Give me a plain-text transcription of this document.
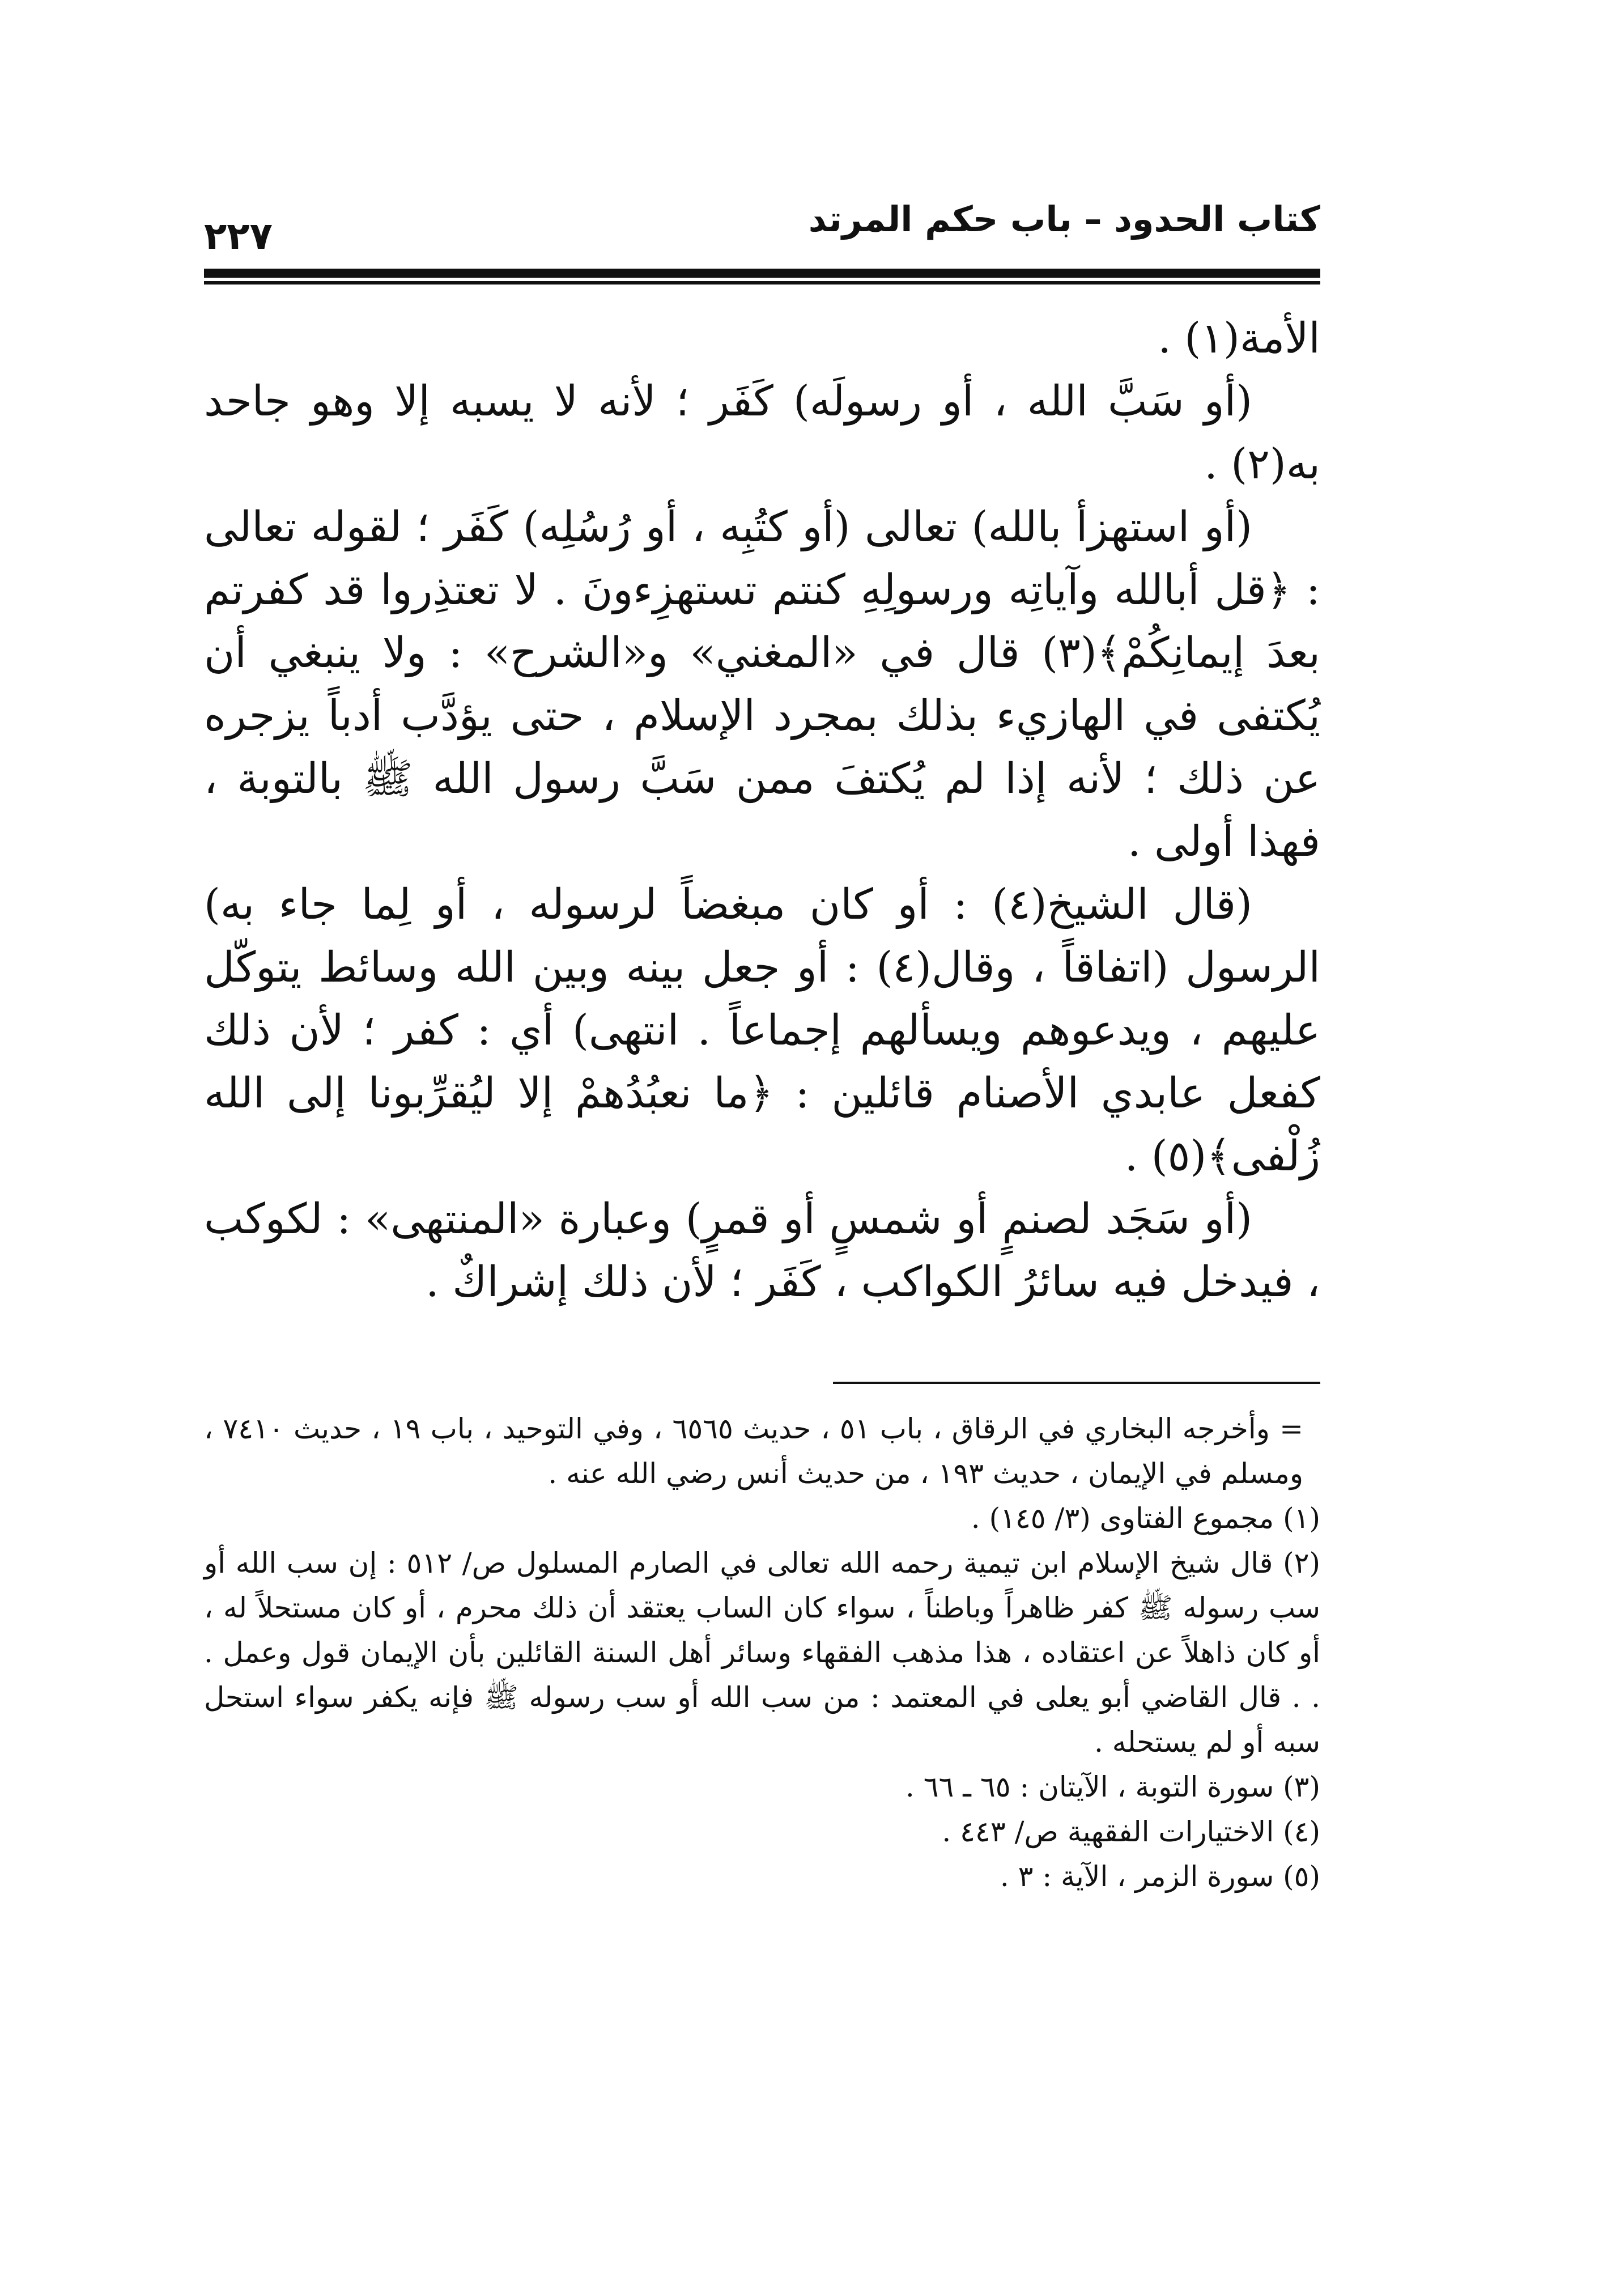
كتاب الحدود – باب حكم المرتد
٢٢٧

الأمة(١) .

(أو سَبَّ الله ، أو رسولَه) كَفَر ؛ لأنه لا يسبه إلا وهو جاحد به(٢) .

(أو استهزأ بالله) تعالى (أو كتُبِه ، أو رُسُلِه) كَفَر ؛ لقوله تعالى : ﴿قل أبالله وآياتِه ورسولِهِ كنتم تستهزِءونَ . لا تعتذِروا قد كفرتم بعدَ إيمانِكُمْ﴾(٣) قال في «المغني» و«الشرح» : ولا ينبغي أن يُكتفى في الهازيء بذلك بمجرد الإسلام ، حتى يؤدَّب أدباً يزجره عن ذلك ؛ لأنه إذا لم يُكتفَ ممن سَبَّ رسول الله ﷺ بالتوبة ، فهذا أولى .

(قال الشيخ(٤) : أو كان مبغضاً لرسوله ، أو لِما جاء به) الرسول (اتفاقاً ، وقال(٤) : أو جعل بينه وبين الله وسائط يتوكّل عليهم ، ويدعوهم ويسألهم إجماعاً . انتهى) أي : كفر ؛ لأن ذلك كفعل عابدي الأصنام قائلين : ﴿ما نعبُدُهمْ إلا ليُقرِّبونا إلى الله زُلْفى﴾(٥) .

(أو سَجَد لصنمٍ أو شمسٍ أو قمرٍ) وعبارة «المنتهى» : لكوكب ، فيدخل فيه سائرُ الكواكب ، كَفَر ؛ لأن ذلك إشراكٌ .

= وأخرجه البخاري في الرقاق ، باب ٥١ ، حديث ٦٥٦٥ ، وفي التوحيد ، باب ١٩ ، حديث ٧٤١٠ ، ومسلم في الإيمان ، حديث ١٩٣ ، من حديث أنس رضي الله عنه .

(١) مجموع الفتاوى (٣/ ١٤٥) .

(٢) قال شيخ الإسلام ابن تيمية رحمه الله تعالى في الصارم المسلول ص/ ٥١٢ : إن سب الله أو سب رسوله ﷺ كفر ظاهراً وباطناً ، سواء كان الساب يعتقد أن ذلك محرم ، أو كان مستحلاً له ، أو كان ذاهلاً عن اعتقاده ، هذا مذهب الفقهاء وسائر أهل السنة القائلين بأن الإيمان قول وعمل . . . قال القاضي أبو يعلى في المعتمد : من سب الله أو سب رسوله ﷺ فإنه يكفر سواء استحل سبه أو لم يستحله .

(٣) سورة التوبة ، الآيتان : ٦٥ ـ ٦٦ .

(٤) الاختيارات الفقهية ص/ ٤٤٣ .

(٥) سورة الزمر ، الآية : ٣ .
